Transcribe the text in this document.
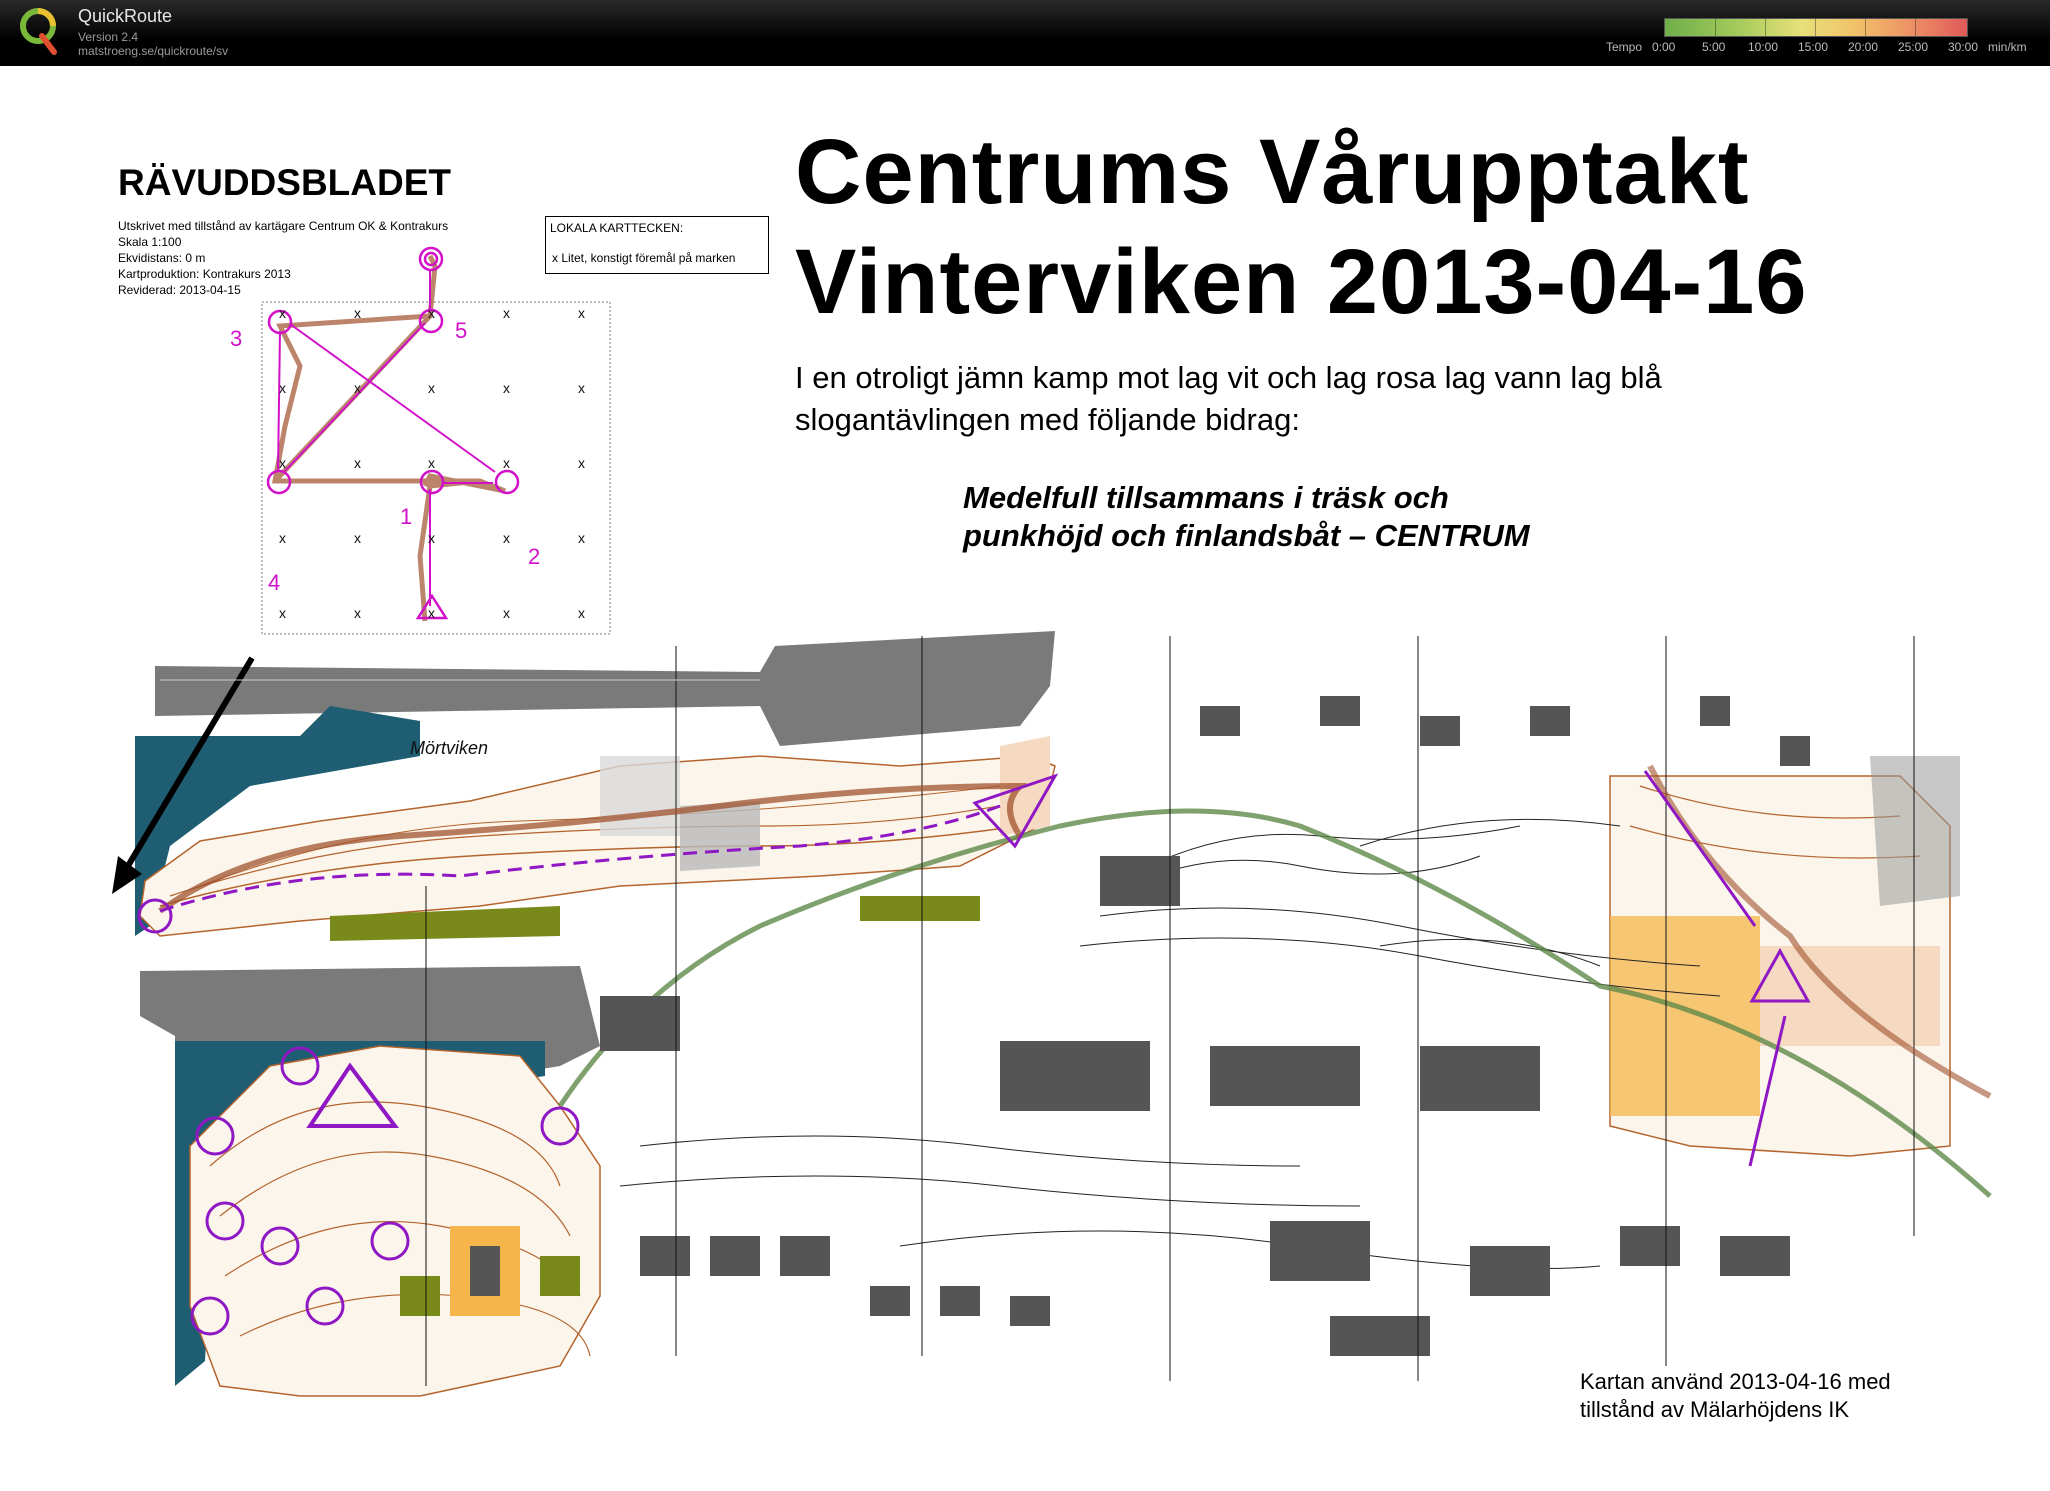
QuickRoute
Version 2.4
matstroeng.se/quickroute/sv	Tempo 0:00 5:00 10:00 15:00 20:00 25:00 30:00 min/km
x	x	x	x	x
x	x	x	x	x
x	x	x	x	x
x	x	x	x	x
x	x	x	x	x
RÄVUDDSBLADET
Utskrivet med tillstånd av kartägare Centrum OK & Kontrakurs
Skala 1:100
Ekvidistans: 0 m
Kartproduktion: Kontrakurs 2013
Reviderad: 2013-04-15
LOKALA KARTTECKEN:
x Litet, konstigt föremål på marken
1
2
3
4
5
Mörtviken
Centrums Vårupptakt
Vinterviken 2013-04-16
I en otroligt jämn kamp mot lag vit och lag rosa lag vann lag blå
slogantävlingen med följande bidrag:
Medelfull tillsammans i träsk och
punkhöjd och finlandsbåt – CENTRUM
Kartan använd 2013-04-16 med
tillstånd av Mälarhöjdens IK
